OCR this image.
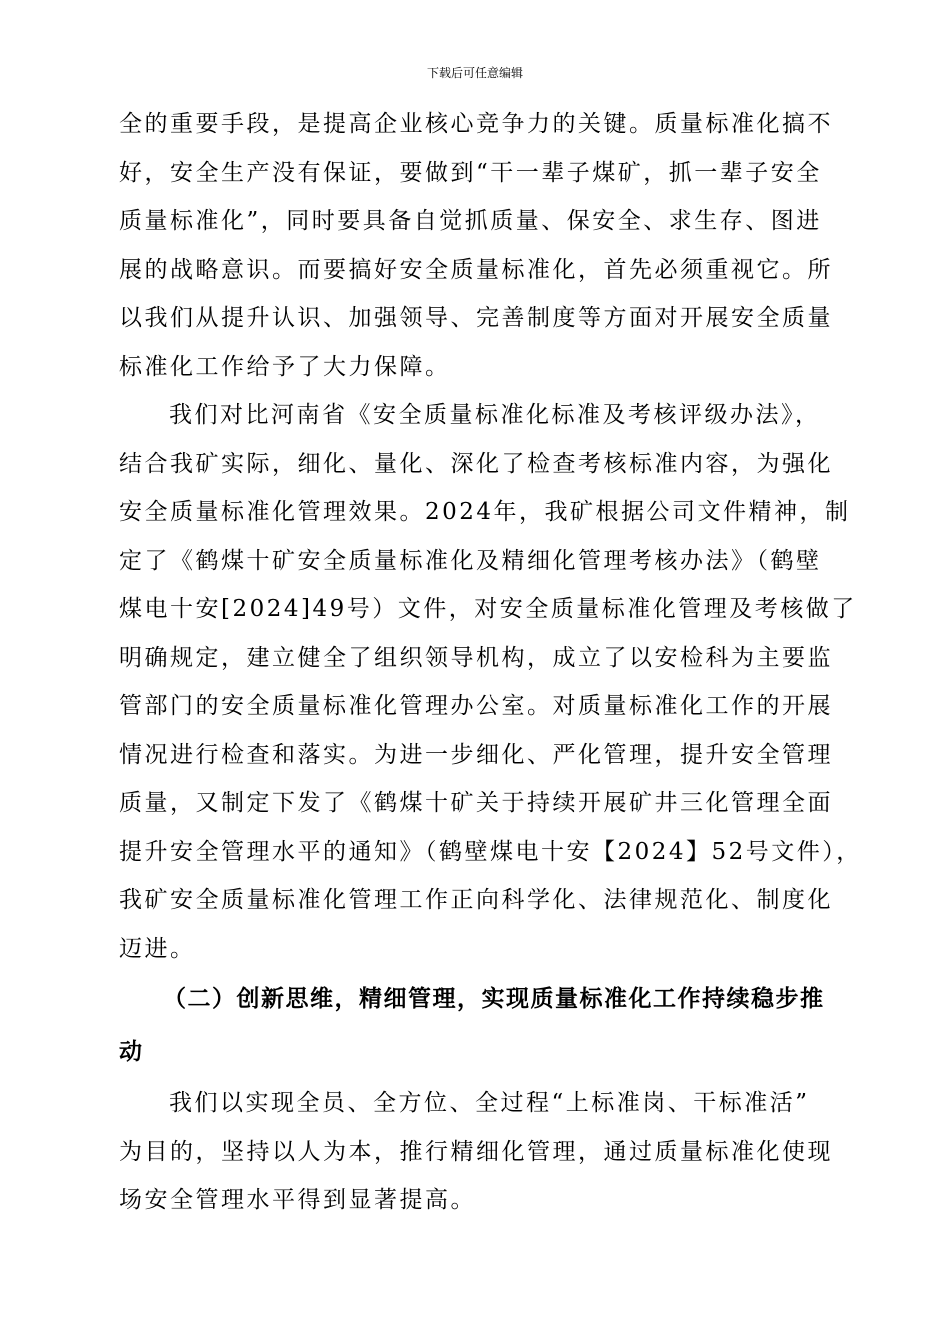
下载后可任意编辑
全的重要手段，是提高企业核心竞争力的关键。质量标准化搞不
好，安全生产没有保证，要做到“干一辈子煤矿，抓一辈子安全
质量标准化”，同时要具备自觉抓质量、保安全、求生存、图进
展的战略意识。而要搞好安全质量标准化，首先必须重视它。所
以我们从提升认识、加强领导、完善制度等方面对开展安全质量
标准化工作给予了大力保障。
我们对比河南省《安全质量标准化标准及考核评级办法》，
结合我矿实际，细化、量化、深化了检查考核标准内容，为强化
安全质量标准化管理效果。2024年，我矿根据公司文件精神，制
定了《鹤煤十矿安全质量标准化及精细化管理考核办法》（鹤壁
煤电十安[2024]49号）文件，对安全质量标准化管理及考核做了
明确规定，建立健全了组织领导机构，成立了以安检科为主要监
管部门的安全质量标准化管理办公室。对质量标准化工作的开展
情况进行检查和落实。为进一步细化、严化管理，提升安全管理
质量，又制定下发了《鹤煤十矿关于持续开展矿井三化管理全面
提升安全管理水平的通知》（鹤壁煤电十安【2024】52号文件），
我矿安全质量标准化管理工作正向科学化、法律规范化、制度化
迈进。
（二）创新思维，精细管理，实现质量标准化工作持续稳步推
动
我们以实现全员、全方位、全过程“上标准岗、干标准活”
为目的，坚持以人为本，推行精细化管理，通过质量标准化使现
场安全管理水平得到显著提高。
